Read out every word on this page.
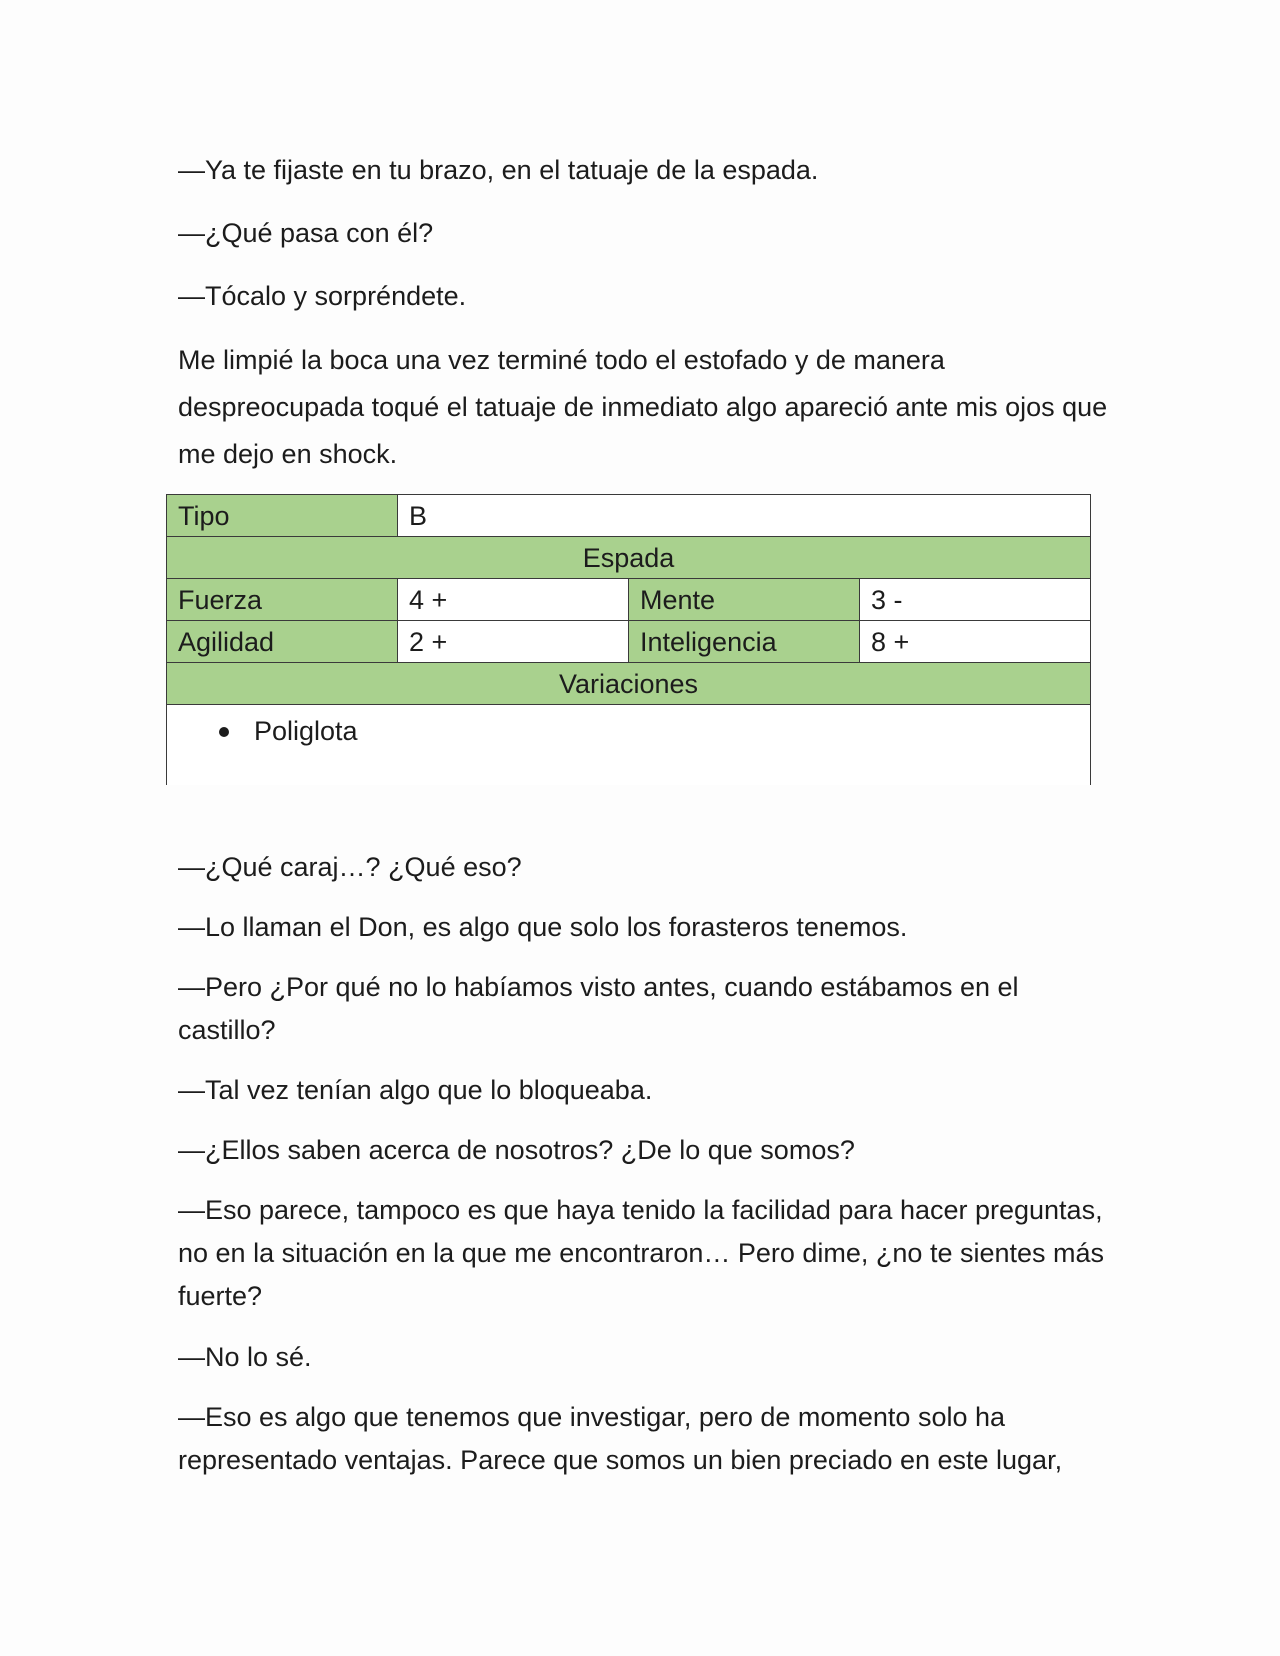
—Ya te fijaste en tu brazo, en el tatuaje de la espada.

—¿Qué pasa con él?

—Tócalo y sorpréndete.

Me limpié la boca una vez terminé todo el estofado y de manera despreocupada toqué el tatuaje de inmediato algo apareció ante mis ojos que me dejo en shock.

Tipo	B
Espada
Fuerza	4 +	Mente	3 -
Agilidad	2 +	Inteligencia	8 +
Variaciones
Poliglota

—¿Qué caraj…? ¿Qué eso?

—Lo llaman el Don, es algo que solo los forasteros tenemos.

—Pero ¿Por qué no lo habíamos visto antes, cuando estábamos en el castillo?

—Tal vez tenían algo que lo bloqueaba.

—¿Ellos saben acerca de nosotros? ¿De lo que somos?

—Eso parece, tampoco es que haya tenido la facilidad para hacer preguntas, no en la situación en la que me encontraron… Pero dime, ¿no te sientes más fuerte?

—No lo sé.

—Eso es algo que tenemos que investigar, pero de momento solo ha representado ventajas. Parece que somos un bien preciado en este lugar,
